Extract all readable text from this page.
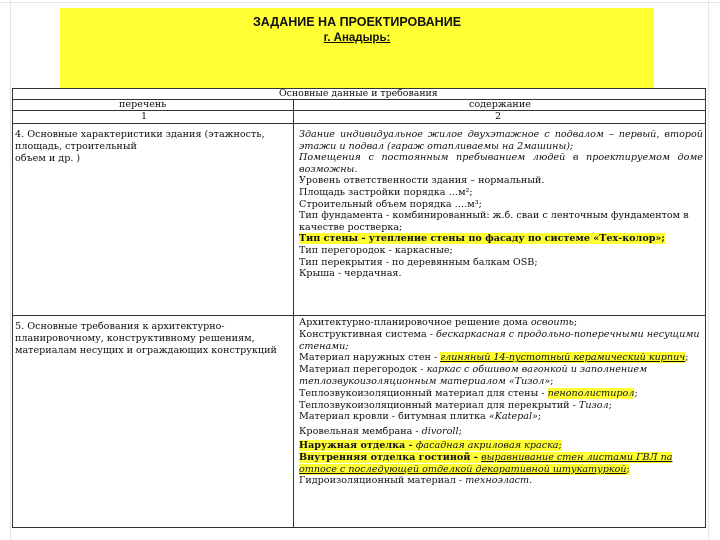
ЗАДАНИЕ НА ПРОЕКТИРОВАНИЕ
г. Анадырь:
Основные данные и требования
перечень	содержание
1	2
4. Основные характеристики здания (этажность,
площадь, строительный
объем и др. )
Здание индивидуальное жилое двухэтажное с подвалом – первый, второй
этажи и подвал (гараж отапливаемы на 2машины);
Помещения с постоянным пребыванием людей в проектируемом доме
возможны.
Уровень ответственности здания – нормальный.
Площадь застройки порядка …м²;
Строительный объем порядка ….м³;
Тип фундамента - комбинированный: ж.б. сваи с ленточным фундаментом в
качестве ростверка;
Тип стены - утепление стены по фасаду по системе «Тех-колор»;
Тип перегородок - каркасные;
Тип перекрытия - по деревянным балкам OSB;
Крыша - чердачная.
5. Основные требования к архитектурно-
планировочному, конструктивному решениям,
материалам несущих и ограждающих конструкций
Архитектурно-планировочное решение дома освоить;
Конструктивная система - бескаркасная с продольно-поперечными несущими
стенами;
Материал наружных стен - глиняный 14-пустотный керамический кирпич;
Материал перегородок - каркас с обшивом вагонкой и заполнением
теплозвукоизоляционным материалом «Тизол»;
Теплозвукоизоляционный материал для стены - пенополистирол;
Теплозвукоизоляционный материал для перекрытий - Тизол;
Материал кровли - битумная плитка «Katepal»;
Кровельная мембрана - divoroll;
Наружная отделка - фасадная акриловая краска;
Внутренняя отделка гостиной - выравнивание стен листами ГВЛ па
отпосе с последующей отделкой декоративной штукатуркой;
Гидроизоляционный материал - техноэласт.
